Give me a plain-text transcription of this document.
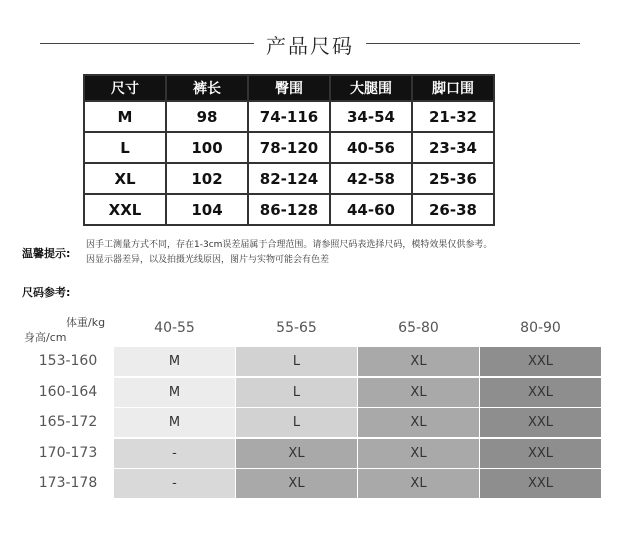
产品尺码
尺寸	裤长	臀围	大腿围	脚口围
M	98	74-116	34-54	21-32
L	100	78-120	40-56	23-34
XL	102	82-124	42-58	25-36
XXL	104	86-128	44-60	26-38
温馨提示:
因手工测量方式不同，存在1-3cm误差届属于合理范围。请参照尺码表选择尺码，模特效果仅供参考。
因显示器差异，以及拍摄光线原因，图片与实物可能会有色差
尺码参考:
体重/kg
身高/cm
40-55	55-65	65-80	80-90
153-160	M	L	XL	XXL
160-164	M	L	XL	XXL
165-172	M	L	XL	XXL
170-173	-	XL	XL	XXL
173-178	-	XL	XL	XXL
